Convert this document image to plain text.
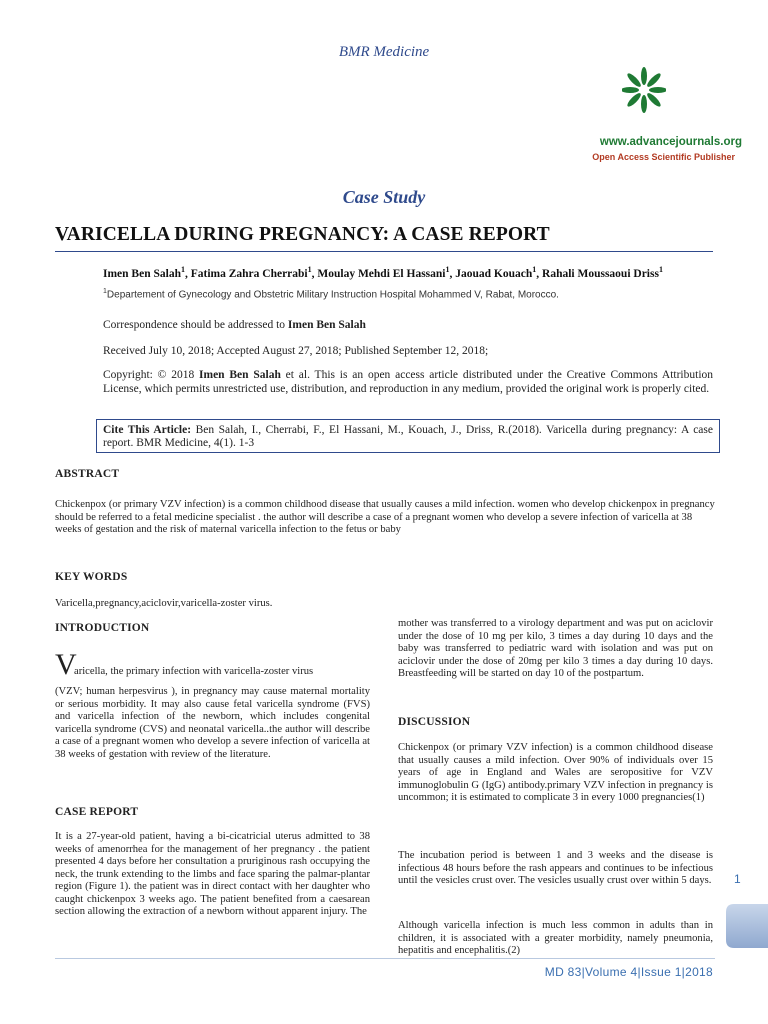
BMR Medicine
www.advancejournals.org
Open Access Scientific Publisher
Case Study
VARICELLA DURING PREGNANCY: A CASE REPORT
Imen Ben Salah$^1$, Fatima Zahra Cherrabi$^1$, Moulay Mehdi El Hassani$^1$, Jaouad Kouach$^1$, Rahali Moussaoui Driss$^1$
$^1$Departement of Gynecology and Obstetric Military Instruction Hospital Mohammed V, Rabat, Morocco.
Correspondence should be addressed to Imen Ben Salah
Received July 10, 2018; Accepted August 27, 2018; Published September 12, 2018;
Copyright: © 2018 Imen Ben Salah et al. This is an open access article distributed under the Creative Commons Attribution License, which permits unrestricted use, distribution, and reproduction in any medium, provided the original work is properly cited.
Cite This Article: Ben Salah, I., Cherrabi, F., El Hassani, M., Kouach, J., Driss, R.(2018). Varicella during pregnancy: A case report. BMR Medicine, 4(1). 1-3
ABSTRACT
Chickenpox (or primary VZV infection) is a common childhood disease that usually causes a mild infection. women who develop chickenpox in pregnancy should be referred to a fetal medicine specialist . the author will describe a case of a pregnant women who develop a severe infection of varicella at 38 weeks of gestation and the risk of maternal varicella infection to the fetus or baby
KEY WORDS
Varicella,pregnancy,aciclovir,varicella-zoster virus.
INTRODUCTION
V
aricella, the primary infection with varicella-zoster virus
(VZV; human herpesvirus ), in pregnancy may cause maternal mortality or serious morbidity. It may also cause fetal varicella syndrome (FVS) and varicella infection of the newborn, which includes congenital varicella syndrome (CVS) and neonatal varicella..the author will describe a case of a pregnant women who develop a severe infection of varicella at 38 weeks of gestation with review of the literature.
CASE REPORT
It is a 27-year-old patient, having a bi-cicatricial uterus admitted to 38 weeks of amenorrhea for the management of her pregnancy . the patient presented 4 days before her consultation a pruriginous rash occupying the neck, the trunk extending to the limbs and face sparing the palmar-plantar region (Figure 1). the patient was in direct contact with her daughter who caught chickenpox 3 weeks ago. The patient benefited from a caesarean section allowing the extraction of a newborn without apparent injury. The
mother was transferred to a virology department and was put on aciclovir under the dose of 10 mg per kilo, 3 times a day during 10 days and the baby was transferred to pediatric ward with isolation and was put on aciclovir under the dose of 20mg per kilo 3 times a day during 10 days. Breastfeeding will be started on day 10 of the postpartum.
DISCUSSION
Chickenpox (or primary VZV infection) is a common childhood disease that usually causes a mild infection. Over 90% of individuals over 15 years of age in England and Wales are seropositive for VZV immunoglobulin G (IgG) antibody.primary VZV infection in pregnancy is uncommon; it is estimated to complicate 3 in every 1000 pregnancies(1)
The incubation period is between 1 and 3 weeks and the disease is infectious 48 hours before the rash appears and continues to be infectious until the vesicles crust over. The vesicles usually crust over within 5 days.
Although varicella infection is much less common in adults than in children, it is associated with a greater morbidity, namely pneumonia, hepatitis and encephalitis.(2)
1
MD 83|Volume 4|Issue 1|2018
